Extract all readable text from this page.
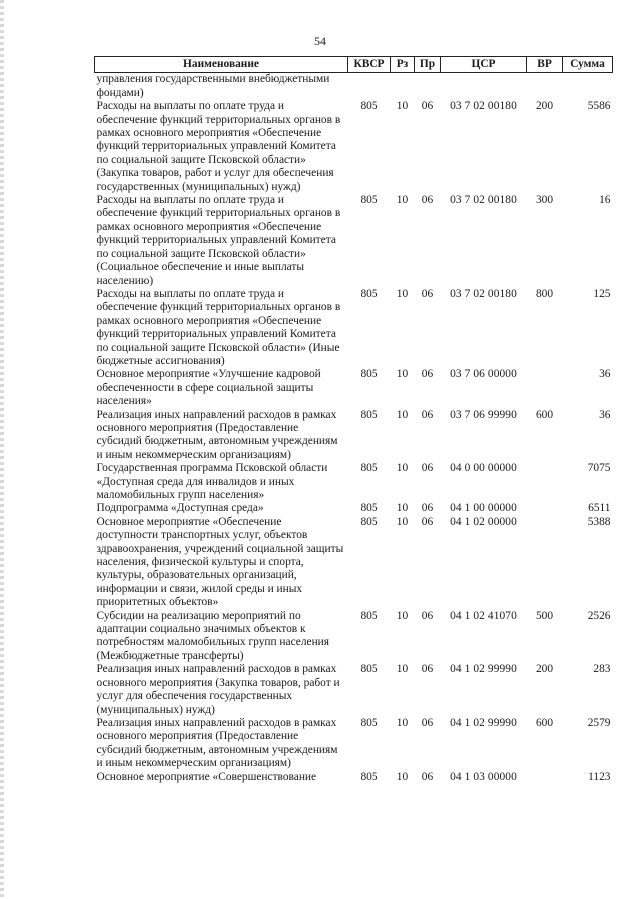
54
Наименование	КВСР	Рз	Пр	ЦСР	ВР	Сумма
управления государственными внебюджетными фондами)						
Расходы на выплаты по оплате труда и обеспечение функций территориальных органов в рамках основного мероприятия «Обеспечение функций территориальных управлений Комитета по социальной защите Псковской области» (Закупка товаров, работ и услуг для обеспечения государственных (муниципальных) нужд)	805	10	06	03 7 02 00180	200	5586
Расходы на выплаты по оплате труда и обеспечение функций территориальных органов в рамках основного мероприятия «Обеспечение функций территориальных управлений Комитета по социальной защите Псковской области» (Социальное обеспечение и иные выплаты населению)	805	10	06	03 7 02 00180	300	16
Расходы на выплаты по оплате труда и обеспечение функций территориальных органов в рамках основного мероприятия «Обеспечение функций территориальных управлений Комитета по социальной защите Псковской области» (Иные бюджетные ассигнования)	805	10	06	03 7 02 00180	800	125
Основное мероприятие «Улучшение кадровой обеспеченности в сфере социальной защиты населения»	805	10	06	03 7 06 00000		36
Реализация иных направлений расходов в рамках основного мероприятия (Предоставление субсидий бюджетным, автономным учреждениям и иным некоммерческим организациям)	805	10	06	03 7 06 99990	600	36
Государственная программа Псковской области «Доступная среда для инвалидов и иных маломобильных групп населения»	805	10	06	04 0 00 00000		7075
Подпрограмма «Доступная среда»	805	10	06	04 1 00 00000		6511
Основное мероприятие «Обеспечение доступности транспортных услуг, объектов здравоохранения, учреждений социальной защиты населения, физической культуры и спорта, культуры, образовательных организаций, информации и связи, жилой среды и иных приоритетных объектов»	805	10	06	04 1 02 00000		5388
Субсидии на реализацию мероприятий по адаптации социально значимых объектов к потребностям маломобильных групп населения (Межбюджетные трансферты)	805	10	06	04 1 02 41070	500	2526
Реализация иных направлений расходов в рамках основного мероприятия (Закупка товаров, работ и услуг для обеспечения государственных (муниципальных) нужд)	805	10	06	04 1 02 99990	200	283
Реализация иных направлений расходов в рамках основного мероприятия (Предоставление субсидий бюджетным, автономным учреждениям и иным некоммерческим организациям)	805	10	06	04 1 02 99990	600	2579
Основное мероприятие «Совершенствование	805	10	06	04 1 03 00000		1123
